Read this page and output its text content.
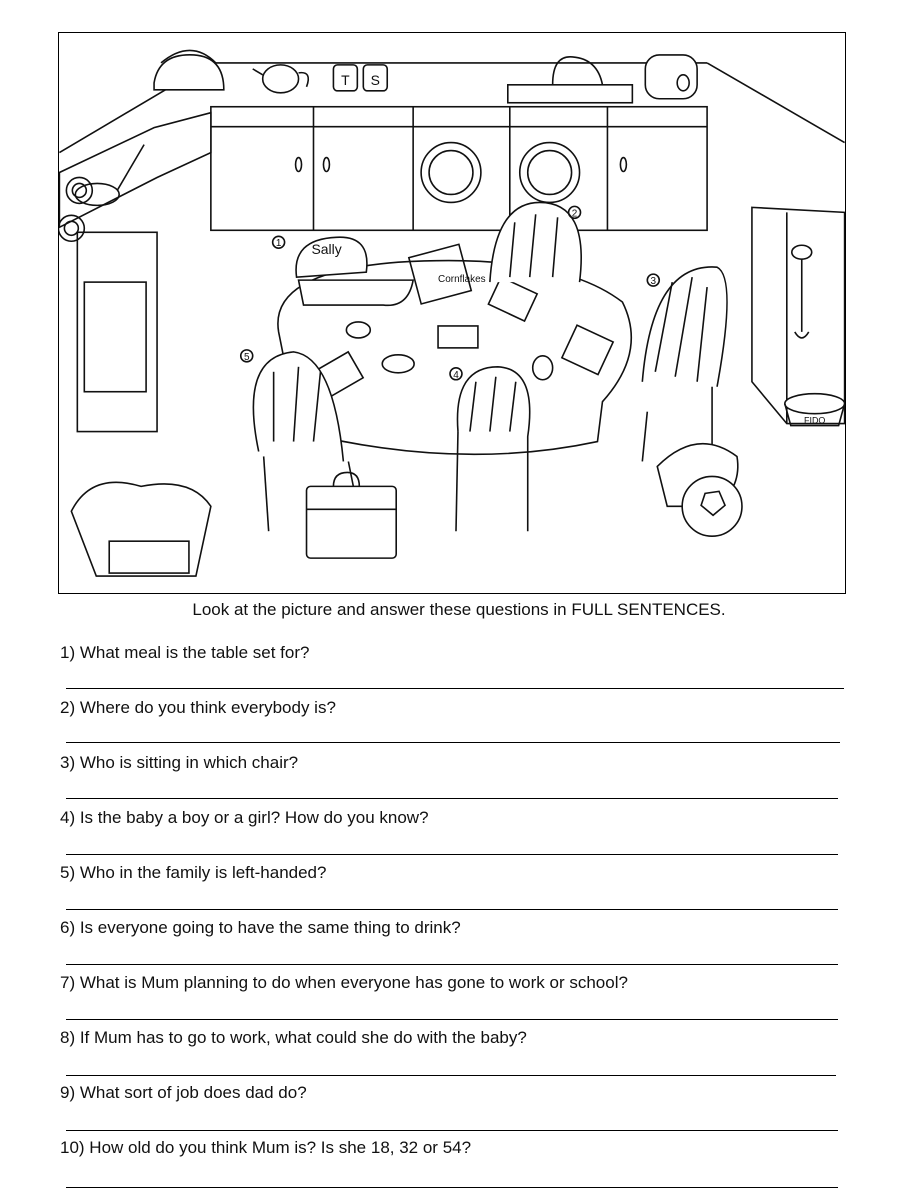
FIDO
T S
Cornflakes
Sally
1
2
3
4
5
Look at the picture and answer these questions in FULL SENTENCES.
1) What meal is the table set for?
2) Where do you think everybody is?
3) Who is sitting in which chair?
4) Is the baby a boy or a girl? How do you know?
5) Who in the family is left-handed?
6) Is everyone going to have the same thing to drink?
7) What is Mum planning to do when everyone has gone to work or school?
8) If Mum has to go to work, what could she do with the baby?
9) What sort of job does dad do?
10) How old do you think Mum is? Is she 18, 32 or 54?
